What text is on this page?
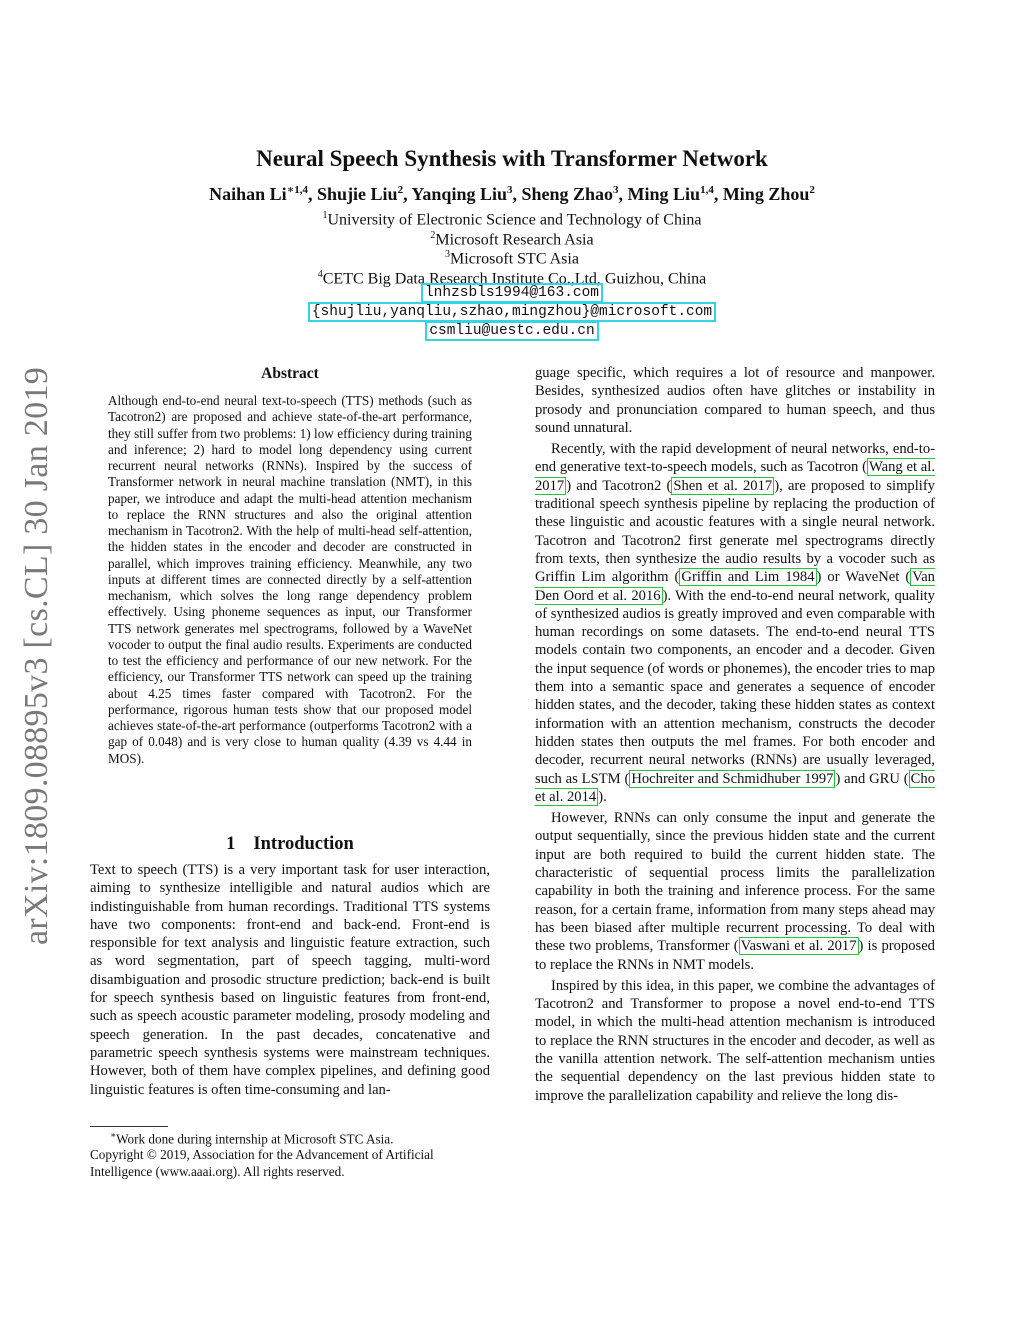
arXiv:1809.08895v3 [cs.CL] 30 Jan 2019
Neural Speech Synthesis with Transformer Network
Naihan $Li^{∗1,4}$, Shujie Liu$^2$, Yanqing Liu$^3$, Sheng Zhao$^3$, Ming Liu$^{1,4}$, Ming Zhou$^2$
$^1$University of Electronic Science and Technology of China
$^2$Microsoft Research Asia
$^3$Microsoft STC Asia
$^4$CETC Big Data Research Institute Co.,Ltd, Guizhou, China
lnhzsbls1994@163.com
{shujliu,yanqliu,szhao,mingzhou}@microsoft.com
csmliu@uestc.edu.cn
Abstract
Although end-to-end neural text-to-speech (TTS) methods (such as Tacotron2) are proposed and achieve state-of-the-art performance, they still suffer from two problems: 1) low efficiency during training and inference; 2) hard to model long dependency using current recurrent neural networks (RNNs). Inspired by the success of Transformer network in neural machine translation (NMT), in this paper, we introduce and adapt the multi-head attention mechanism to replace the RNN structures and also the original attention mechanism in Tacotron2. With the help of multi-head self-attention, the hidden states in the encoder and decoder are constructed in parallel, which improves training efficiency. Meanwhile, any two inputs at different times are connected directly by a self-attention mechanism, which solves the long range dependency problem effectively. Using phoneme sequences as input, our Transformer TTS network generates mel spectrograms, followed by a WaveNet vocoder to output the final audio results. Experiments are conducted to test the efficiency and performance of our new network. For the efficiency, our Transformer TTS network can speed up the training about 4.25 times faster compared with Tacotron2. For the performance, rigorous human tests show that our proposed model achieves state-of-the-art performance (outperforms Tacotron2 with a gap of 0.048) and is very close to human quality (4.39 vs 4.44 in MOS).
1 Introduction
Text to speech (TTS) is a very important task for user interaction, aiming to synthesize intelligible and natural audios which are indistinguishable from human recordings. Traditional TTS systems have two components: front-end and back-end. Front-end is responsible for text analysis and linguistic feature extraction, such as word segmentation, part of speech tagging, multi-word disambiguation and prosodic structure prediction; back-end is built for speech synthesis based on linguistic features from front-end, such as speech acoustic parameter modeling, prosody modeling and speech generation. In the past decades, concatenative and parametric speech synthesis systems were mainstream techniques. However, both of them have complex pipelines, and defining good linguistic features is often time-consuming and lan-
∗Work done during internship at Microsoft STC Asia.
Copyright © 2019, Association for the Advancement of Artificial Intelligence (www.aaai.org). All rights reserved.

guage specific, which requires a lot of resource and manpower. Besides, synthesized audios often have glitches or instability in prosody and pronunciation compared to human speech, and thus sound unnatural.

Recently, with the rapid development of neural networks, end-to-end generative text-to-speech models, such as Tacotron ( Wang et al. 2017 ) and Tacotron2 ( Shen et al. 2017 ), are proposed to simplify traditional speech synthesis pipeline by replacing the production of these linguistic and acoustic features with a single neural network. Tacotron and Tacotron2 first generate mel spectrograms directly from texts, then synthesize the audio results by a vocoder such as Griffin Lim algorithm ( Griffin and Lim 1984 ) or WaveNet ( Van Den Oord et al. 2016 ). With the end-to-end neural network, quality of synthesized audios is greatly improved and even comparable with human recordings on some datasets. The end-to-end neural TTS models contain two components, an encoder and a decoder. Given the input sequence (of words or phonemes), the encoder tries to map them into a semantic space and generates a sequence of encoder hidden states, and the decoder, taking these hidden states as context information with an attention mechanism, constructs the decoder hidden states then outputs the mel frames. For both encoder and decoder, recurrent neural networks (RNNs) are usually leveraged, such as LSTM ( Hochreiter and Schmidhuber 1997 ) and GRU ( Cho et al. 2014 ).

However, RNNs can only consume the input and generate the output sequentially, since the previous hidden state and the current input are both required to build the current hidden state. The characteristic of sequential process limits the parallelization capability in both the training and inference process. For the same reason, for a certain frame, information from many steps ahead may has been biased after multiple recurrent processing. To deal with these two problems, Transformer ( Vaswani et al. 2017 ) is proposed to replace the RNNs in NMT models.

Inspired by this idea, in this paper, we combine the advantages of Tacotron2 and Transformer to propose a novel end-to-end TTS model, in which the multi-head attention mechanism is introduced to replace the RNN structures in the encoder and decoder, as well as the vanilla attention network. The self-attention mechanism unties the sequential dependency on the last previous hidden state to improve the parallelization capability and relieve the long dis-
